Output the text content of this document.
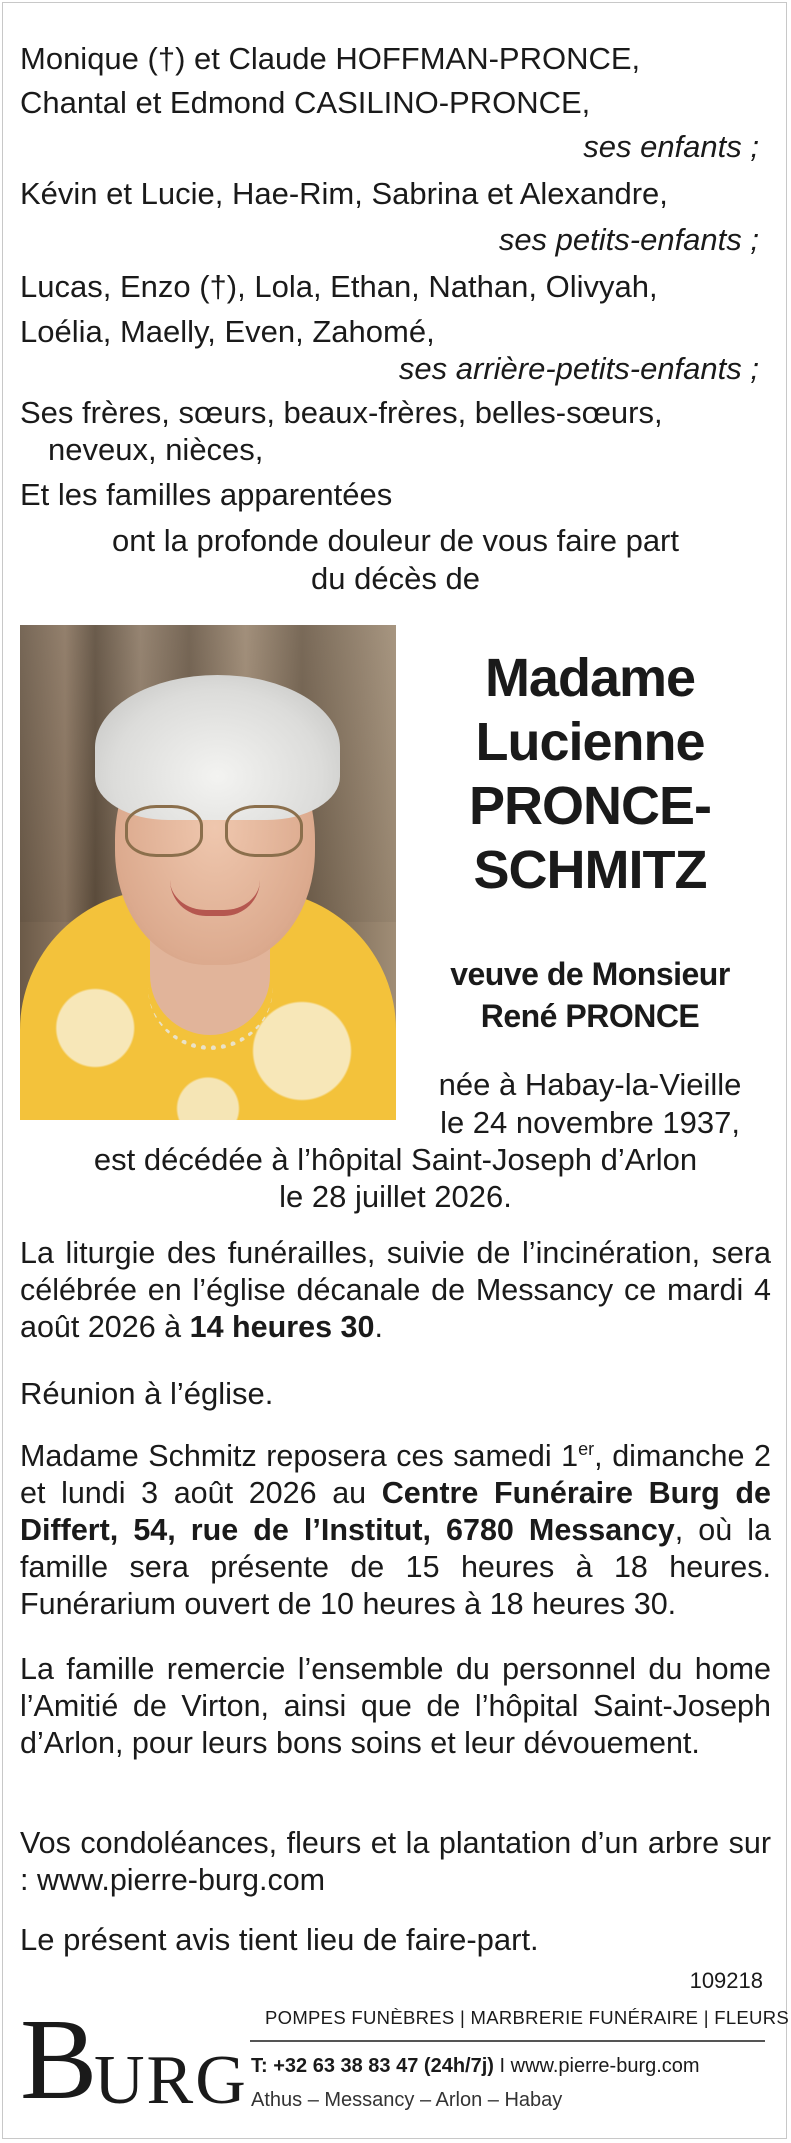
Monique (†) et Claude HOFFMAN-PRONCE,
Chantal et Edmond CASILINO-PRONCE,
ses enfants ;
Kévin et Lucie, Hae-Rim, Sabrina et Alexandre,
ses petits-enfants ;
Lucas, Enzo (†), Lola, Ethan, Nathan, Olivyah,
Loélia, Maelly, Even, Zahomé,
ses arrière-petits-enfants ;
Ses frères, sœurs, beaux-frères, belles-sœurs,
neveux, nièces,
Et les familles apparentées
ont la profonde douleur de vous faire part
du décès de
Madame
Lucienne
PRONCE-
SCHMITZ
veuve de Monsieur
René PRONCE
née à Habay-la-Vieille
le 24 novembre 1937,
est décédée à l’hôpital Saint-Joseph d’Arlon
le 28 juillet 2026.
La liturgie des funérailles, suivie de l’incinération, sera célébrée en l’église décanale de Messancy ce mardi 4 août 2026 à 14 heures 30.
Réunion à l’église.
Madame Schmitz reposera ces samedi 1er, dimanche 2 et lundi 3 août 2026 au Centre Funéraire Burg de Differt, 54, rue de l’Institut, 6780 Messancy, où la famille sera présente de 15 heures à 18 heures. Funérarium ouvert de 10 heures à 18 heures 30.
La famille remercie l’ensemble du personnel du home l’Amitié de Virton, ainsi que de l’hôpital Saint-Joseph d’Arlon, pour leurs bons soins et leur dévouement.
Vos condoléances, fleurs et la plantation d’un arbre sur : www.pierre-burg.com
Le présent avis tient lieu de faire-part.
109218
B
URG
POMPES FUNÈBRES | MARBRERIE FUNÉRAIRE | FLEURS
T: +32 63 38 83 47 (24h/7j) I www.pierre-burg.com
Athus – Messancy – Arlon – Habay
